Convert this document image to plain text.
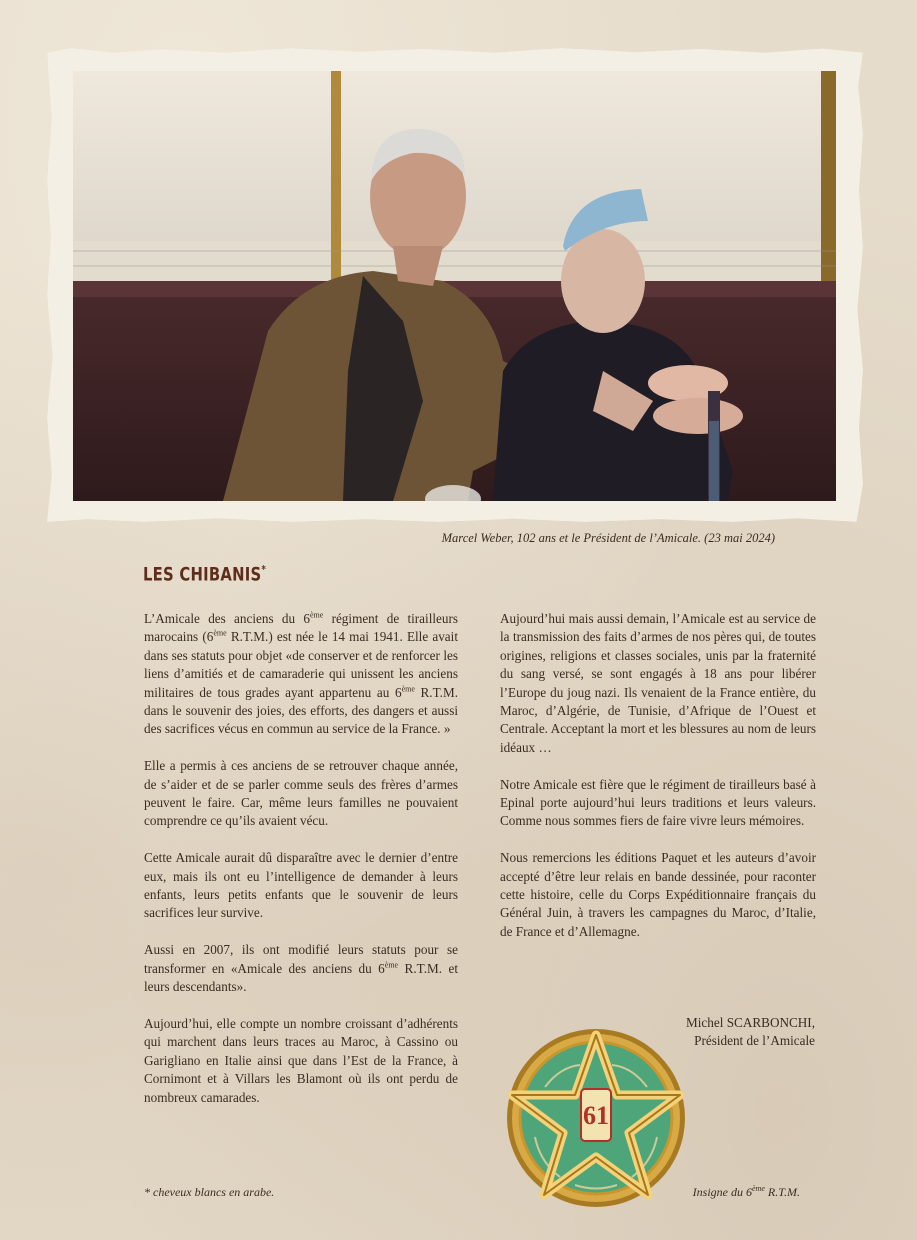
Marcel Weber, 102 ans et le Président de l’Amicale. (23 mai 2024)
LES CHIBANIS*

L’Amicale des anciens du 6ème régiment de tirailleurs marocains (6ème R.T.M.) est née le 14 mai 1941. Elle avait dans ses statuts pour objet «de conserver et de renforcer les liens d’amitiés et de camaraderie qui unissent les anciens militaires de tous grades ayant appartenu au 6ème R.T.M. dans le souvenir des joies, des efforts, des dangers et aussi des sacrifices vécus en commun au service de la France. »

Elle a permis à ces anciens de se retrouver chaque année, de s’aider et de se parler comme seuls des frères d’armes peuvent le faire. Car, même leurs familles ne pouvaient comprendre ce qu’ils avaient vécu.

Cette Amicale aurait dû disparaître avec le dernier d’entre eux, mais ils ont eu l’intelligence de demander à leurs enfants, leurs petits enfants que le souvenir de leurs sacrifices leur survive.

Aussi en 2007, ils ont modifié leurs statuts pour se transformer en «Amicale des anciens du 6ème R.T.M. et leurs descendants».

Aujourd’hui, elle compte un nombre croissant d’adhérents qui marchent dans leurs traces au Maroc, à Cassino ou Garigliano en Italie ainsi que dans l’Est de la France, à Cornimont et à Villars les Blamont où ils ont perdu de nombreux camarades.

Aujourd’hui mais aussi demain, l’Amicale est au service de la transmission des faits d’armes de nos pères qui, de toutes origines, religions et classes sociales, unis par la fraternité du sang versé, se sont engagés à 18 ans pour libérer l’Europe du joug nazi. Ils venaient de la France entière, du Maroc, d’Algérie, de Tunisie, d’Afrique de l’Ouest et Centrale. Acceptant la mort et les blessures au nom de leurs idéaux …

Notre Amicale est fière que le régiment de tirailleurs basé à Epinal porte aujourd’hui leurs traditions et leurs valeurs. Comme nous sommes fiers de faire vivre leurs mémoires.

Nous remercions les éditions Paquet et les auteurs d’avoir accepté d’être leur relais en bande dessinée, pour raconter cette histoire, celle du Corps Expéditionnaire français du Général Juin, à travers les campagnes du Maroc, d’Italie, de France et d’Allemagne.

Michel SCARBONCHI,
Président de l’Amicale
61
* cheveux blancs en arabe.	Insigne du 6ème R.T.M.
